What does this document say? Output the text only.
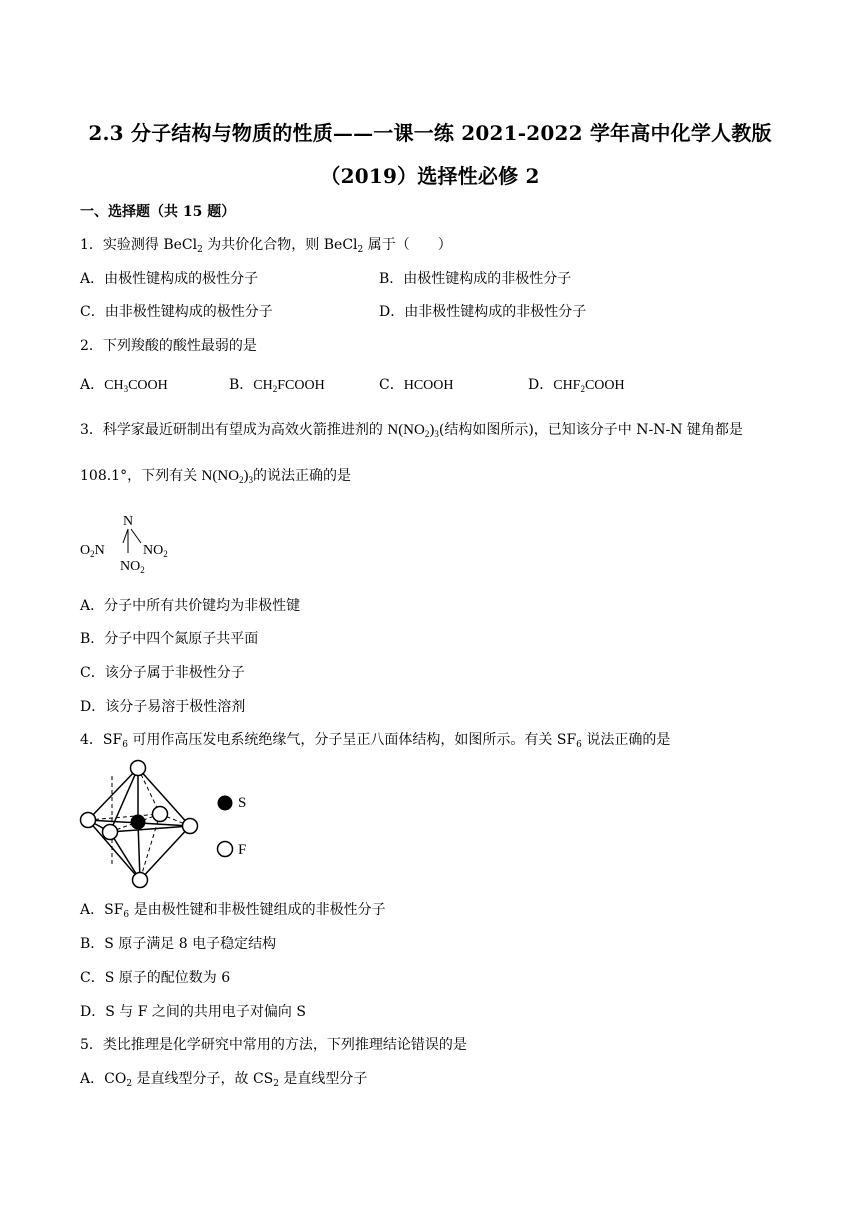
2.3 分子结构与物质的性质——一课一练 2021-2022 学年高中化学人教版
（2019）选择性必修 2
一、选择题（共 15 题）
1．实验测得 BeCl$_2$ 为共价化合物，则 BeCl$_2$ 属于（　　）
A．由极性键构成的极性分子	B．由极性键构成的非极性分子
C．由非极性键构成的极性分子	D．由非极性键构成的非极性分子
2．下列羧酸的酸性最弱的是
A．$CH_3COOH$	B．$CH_2FCOOH$	C．HCOOH	D．$CHF_2COOH$
3．科学家最近研制出有望成为高效火箭推进剂的 $N(NO_2)_3$(结构如图所示)，已知该分子中 N-N-N 键角都是
108.1°，下列有关 $N(NO_2)_3$的说法正确的是
N
$O_2N$	$NO_2$
$NO_2$
A．分子中所有共价键均为非极性键
B．分子中四个氮原子共平面
C．该分子属于非极性分子
D．该分子易溶于极性溶剂
4．$SF_6$ 可用作高压发电系统绝缘气，分子呈正八面体结构，如图所示。有关 $SF_6$ 说法正确的是
S
F
A．$SF_6$ 是由极性键和非极性键组成的非极性分子
B．S 原子满足 8 电子稳定结构
C．S 原子的配位数为 6
D．S 与 F 之间的共用电子对偏向 S
5．类比推理是化学研究中常用的方法，下列推理结论错误的是
A．$CO_2$ 是直线型分子，故 $CS_2$ 是直线型分子
